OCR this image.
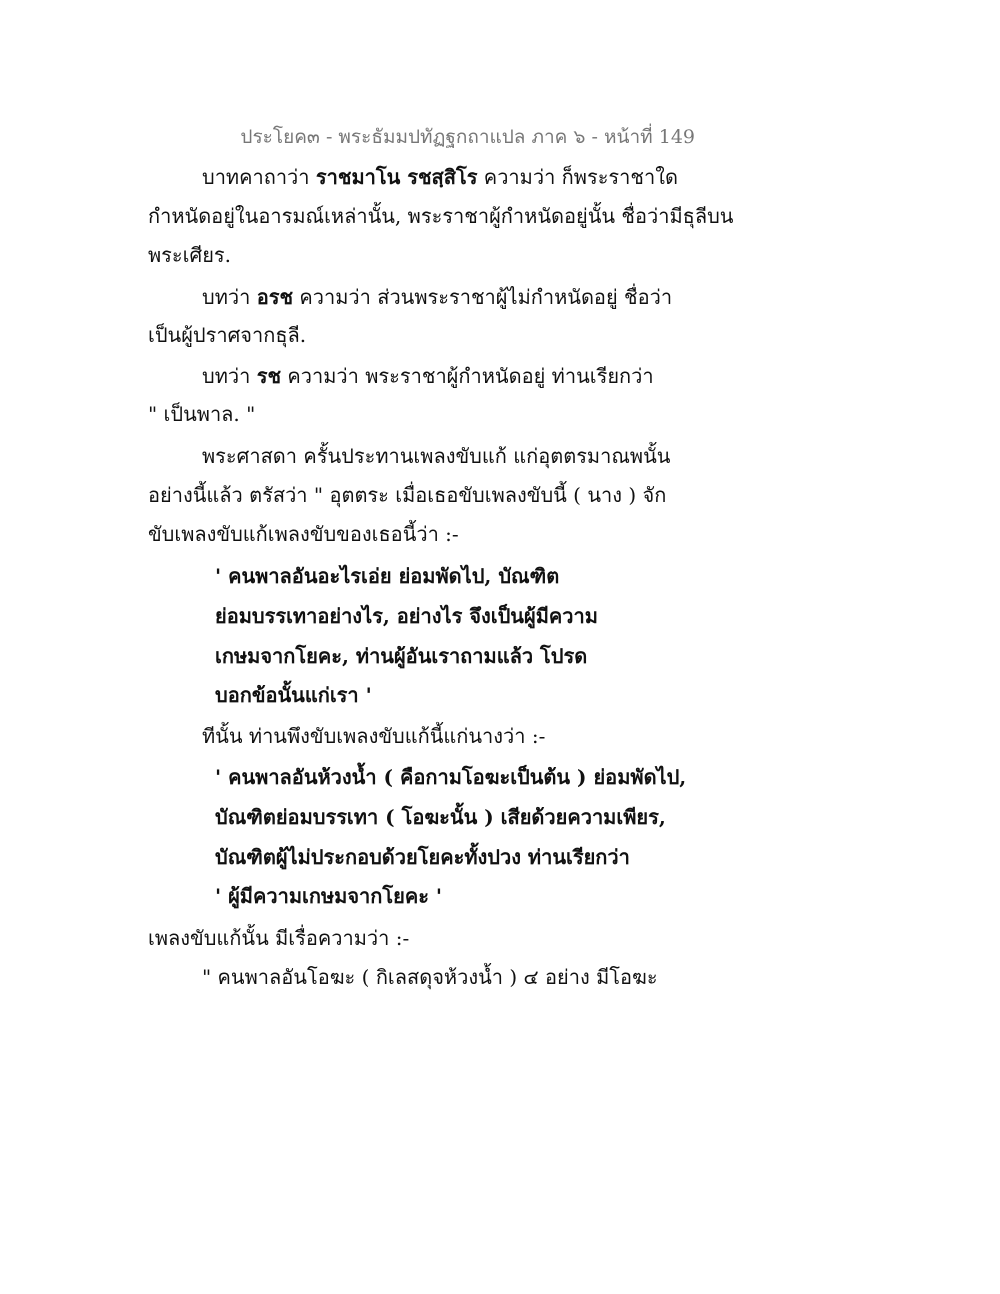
ประโยค๓ - พระธัมมปทัฏฐกถาแปล ภาค ๖ - หน้าที่ 149
บาทคาถาว่า ราชมาโน รชสฺสิโร ความว่า ก็พระราชาใด
กำหนัดอยู่ในอารมณ์เหล่านั้น, พระราชาผู้กำหนัดอยู่นั้น ชื่อว่ามีธุลีบน
พระเศียร.
บทว่า อรช ความว่า ส่วนพระราชาผู้ไม่กำหนัดอยู่ ชื่อว่า
เป็นผู้ปราศจากธุลี.
บทว่า รช ความว่า พระราชาผู้กำหนัดอยู่ ท่านเรียกว่า
" เป็นพาล. "
พระศาสดา ครั้นประทานเพลงขับแก้ แก่อุตตรมาณพนั้น
อย่างนี้แล้ว ตรัสว่า " อุตตระ เมื่อเธอขับเพลงขับนี้ ( นาง ) จัก
ขับเพลงขับแก้เพลงขับของเธอนี้ว่า :-
' คนพาลอันอะไรเอ่ย ย่อมพัดไป, บัณฑิต
ย่อมบรรเทาอย่างไร, อย่างไร จึงเป็นผู้มีความ
เกษมจากโยคะ, ท่านผู้อันเราถามแล้ว โปรด
บอกข้อนั้นแก่เรา '
ทีนั้น ท่านพึงขับเพลงขับแก้นี้แก่นางว่า :-
' คนพาลอันห้วงน้ำ ( คือกามโอฆะเป็นต้น ) ย่อมพัดไป,
บัณฑิตย่อมบรรเทา ( โอฆะนั้น ) เสียด้วยความเพียร,
บัณฑิตผู้ไม่ประกอบด้วยโยคะทั้งปวง ท่านเรียกว่า
' ผู้มีความเกษมจากโยคะ '
เพลงขับแก้นั้น มีเรื่อความว่า :-
" คนพาลอันโอฆะ ( กิเลสดุจห้วงน้ำ ) ๔ อย่าง มีโอฆะ
